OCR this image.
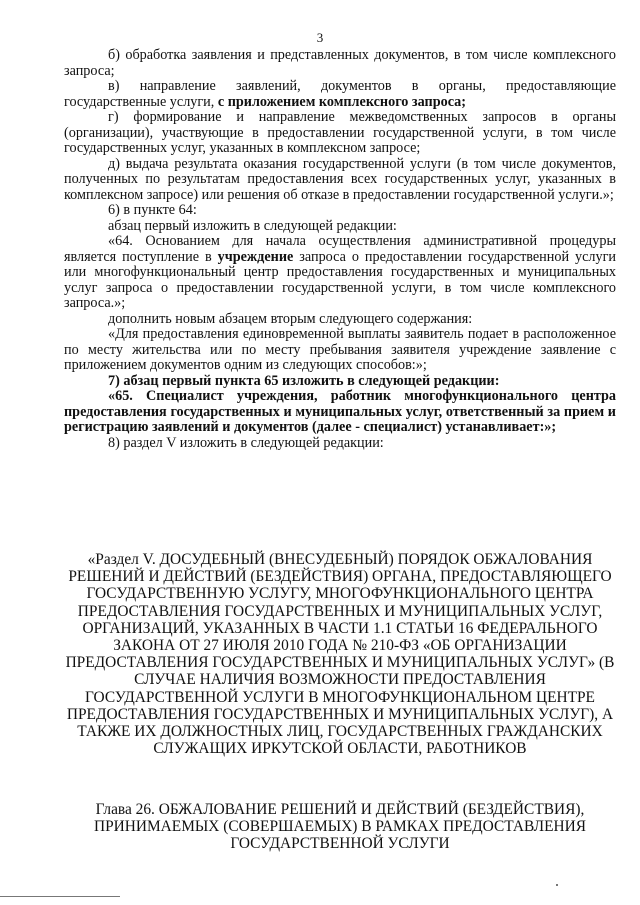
3

б) обработка заявления и представленных документов, в том числе комплексного запроса;

в) направление заявлений, документов в органы, предоставляющие государственные услуги, с приложением комплексного запроса;

г) формирование и направление межведомственных запросов в органы (организации), участвующие в предоставлении государственной услуги, в том числе государственных услуг, указанных в комплексном запросе;

д) выдача результата оказания государственной услуги (в том числе документов, полученных по результатам предоставления всех государственных услуг, указанных в комплексном запросе) или решения об отказе в предоставлении государственной услуги.»;

6) в пункте 64:

абзац первый изложить в следующей редакции:

«64. Основанием для начала осуществления административной процедуры является поступление в учреждение запроса о предоставлении государственной услуги или многофункциональный центр предоставления государственных и муниципальных услуг запроса о предоставлении государственной услуги, в том числе комплексного запроса.»;

дополнить новым абзацем вторым следующего содержания:

«Для предоставления единовременной выплаты заявитель подает в расположенное по месту жительства или по месту пребывания заявителя учреждение заявление с приложением документов одним из следующих способов:»;

7) абзац первый пункта 65 изложить в следующей редакции:

«65. Специалист учреждения, работник многофункционального центра предоставления государственных и муниципальных услуг, ответственный за прием и регистрацию заявлений и документов (далее - специалист) устанавливает:»;

8) раздел V изложить в следующей редакции:

«Раздел V. ДОСУДЕБНЫЙ (ВНЕСУДЕБНЫЙ) ПОРЯДОК ОБЖАЛОВАНИЯ РЕШЕНИЙ И ДЕЙСТВИЙ (БЕЗДЕЙСТВИЯ) ОРГАНА, ПРЕДОСТАВЛЯЮЩЕГО ГОСУДАРСТВЕННУЮ УСЛУГУ, МНОГОФУНКЦИОНАЛЬНОГО ЦЕНТРА ПРЕДОСТАВЛЕНИЯ ГОСУДАРСТВЕННЫХ И МУНИЦИПАЛЬНЫХ УСЛУГ, ОРГАНИЗАЦИЙ, УКАЗАННЫХ В ЧАСТИ 1.1 СТАТЬИ 16 ФЕДЕРАЛЬНОГО ЗАКОНА ОТ 27 ИЮЛЯ 2010 ГОДА № 210-ФЗ «ОБ ОРГАНИЗАЦИИ ПРЕДОСТАВЛЕНИЯ ГОСУДАРСТВЕННЫХ И МУНИЦИПАЛЬНЫХ УСЛУГ» (В СЛУЧАЕ НАЛИЧИЯ ВОЗМОЖНОСТИ ПРЕДОСТАВЛЕНИЯ ГОСУДАРСТВЕННОЙ УСЛУГИ В МНОГОФУНКЦИОНАЛЬНОМ ЦЕНТРЕ ПРЕДОСТАВЛЕНИЯ ГОСУДАРСТВЕННЫХ И МУНИЦИПАЛЬНЫХ УСЛУГ), А ТАКЖЕ ИХ ДОЛЖНОСТНЫХ ЛИЦ, ГОСУДАРСТВЕННЫХ ГРАЖДАНСКИХ СЛУЖАЩИХ ИРКУТСКОЙ ОБЛАСТИ, РАБОТНИКОВ
Глава 26. ОБЖАЛОВАНИЕ РЕШЕНИЙ И ДЕЙСТВИЙ (БЕЗДЕЙСТВИЯ), ПРИНИМАЕМЫХ (СОВЕРШАЕМЫХ) В РАМКАХ ПРЕДОСТАВЛЕНИЯ ГОСУДАРСТВЕННОЙ УСЛУГИ
